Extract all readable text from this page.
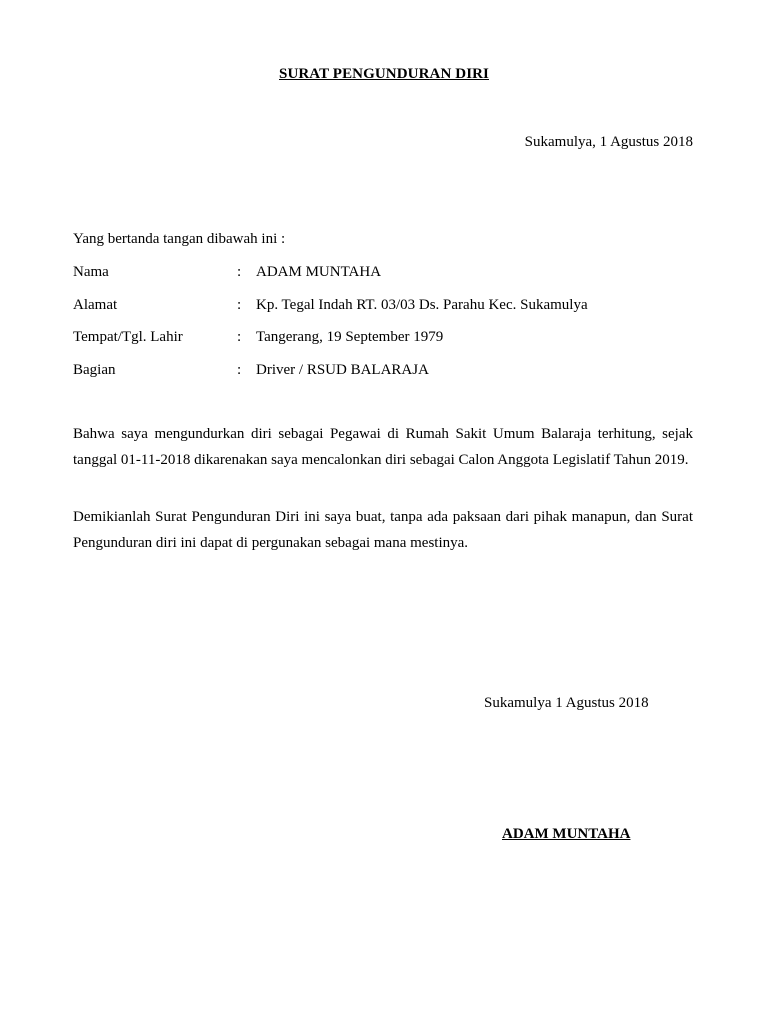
SURAT PENGUNDURAN DIRI
Sukamulya, 1 Agustus 2018
Yang bertanda tangan dibawah ini :
Nama	: ADAM MUNTAHA
Alamat	: Kp. Tegal Indah RT. 03/03 Ds. Parahu Kec. Sukamulya
Tempat/Tgl. Lahir	: Tangerang, 19 September 1979
Bagian	: Driver / RSUD BALARAJA
Bahwa saya mengundurkan diri sebagai Pegawai di Rumah Sakit Umum Balaraja terhitung, sejak tanggal 01-11-2018 dikarenakan saya mencalonkan diri sebagai Calon Anggota Legislatif Tahun 2019.
Demikianlah Surat Pengunduran Diri ini saya buat, tanpa ada paksaan dari pihak manapun, dan Surat Pengunduran diri ini dapat di pergunakan sebagai mana mestinya.
Sukamulya 1 Agustus 2018
ADAM MUNTAHA
